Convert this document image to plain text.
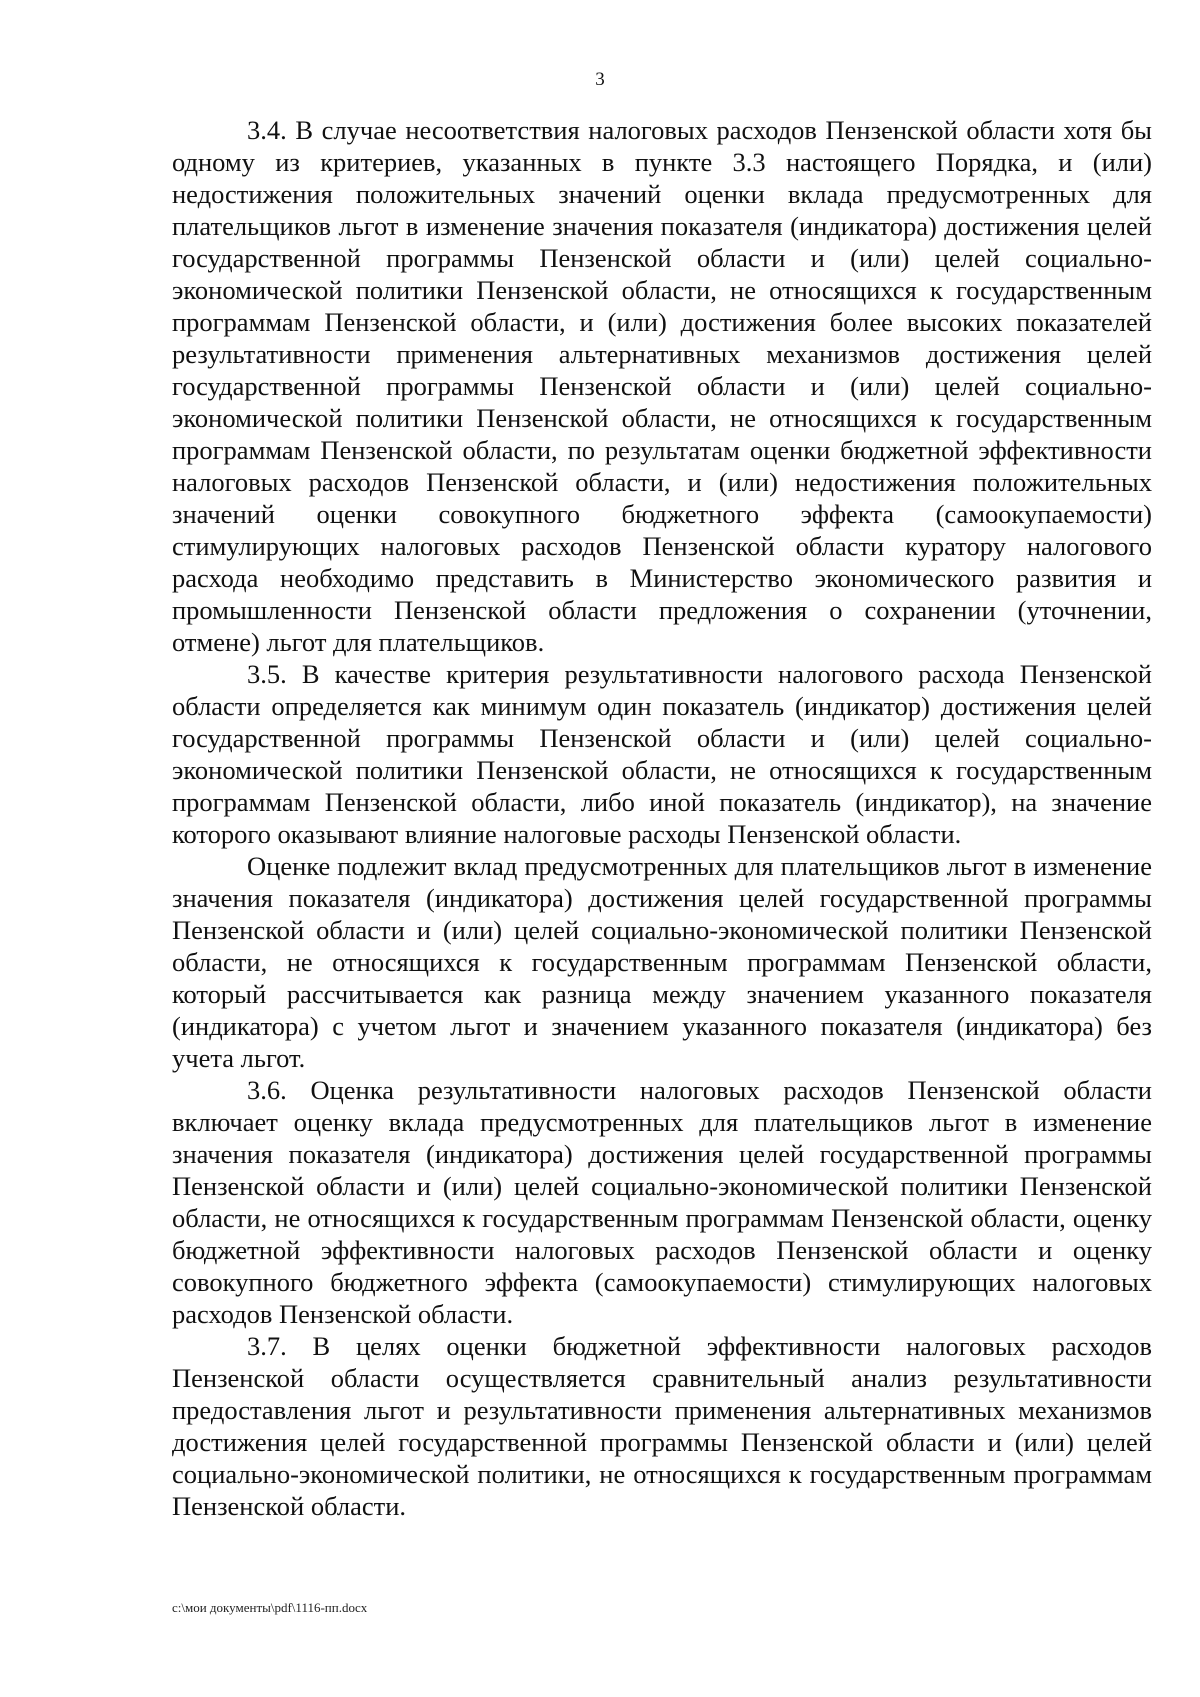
3

3.4. В случае несоответствия налоговых расходов Пензенской области хотя бы одному из критериев, указанных в пункте 3.3 настоящего Порядка, и (или) недостижения положительных значений оценки вклада предусмотренных для плательщиков льгот в изменение значения показателя (индикатора) достижения целей государственной программы Пензенской области и (или) целей социально-экономической политики Пензенской области, не относящихся к государственным программам Пензенской области, и (или) достижения более высоких показателей результативности применения альтернативных механизмов достижения целей государственной программы Пензенской области и (или) целей социально-экономической политики Пензенской области, не относящихся к государственным программам Пензенской области, по результатам оценки бюджетной эффективности налоговых расходов Пензенской области, и (или) недостижения положительных значений оценки совокупного бюджетного эффекта (самоокупаемости) стимулирующих налоговых расходов Пензенской области куратору налогового расхода необходимо представить в Министерство экономического развития и промышленности Пензенской области предложения о сохранении (уточнении, отмене) льгот для плательщиков.

3.5. В качестве критерия результативности налогового расхода Пензенской области определяется как минимум один показатель (индикатор) достижения целей государственной программы Пензенской области и (или) целей социально-экономической политики Пензенской области, не относящихся к государственным программам Пензенской области, либо иной показатель (индикатор), на значение которого оказывают влияние налоговые расходы Пензенской области.

Оценке подлежит вклад предусмотренных для плательщиков льгот в изменение значения показателя (индикатора) достижения целей государственной программы Пензенской области и (или) целей социально-экономической политики Пензенской области, не относящихся к государственным программам Пензенской области, который рассчитывается как разница между значением указанного показателя (индикатора) с учетом льгот и значением указанного показателя (индикатора) без учета льгот.

3.6. Оценка результативности налоговых расходов Пензенской области включает оценку вклада предусмотренных для плательщиков льгот в изменение значения показателя (индикатора) достижения целей государственной программы Пензенской области и (или) целей социально-экономической политики Пензенской области, не относящихся к государственным программам Пензенской области, оценку бюджетной эффективности налоговых расходов Пензенской области и оценку совокупного бюджетного эффекта (самоокупаемости) стимулирующих налоговых расходов Пензенской области.

3.7. В целях оценки бюджетной эффективности налоговых расходов Пензенской области осуществляется сравнительный анализ результативности предоставления льгот и результативности применения альтернативных механизмов достижения целей государственной программы Пензенской области и (или) целей социально-экономической политики, не относящихся к государственным программам Пензенской области.

c:\мои документы\pdf\1116-пп.docx
